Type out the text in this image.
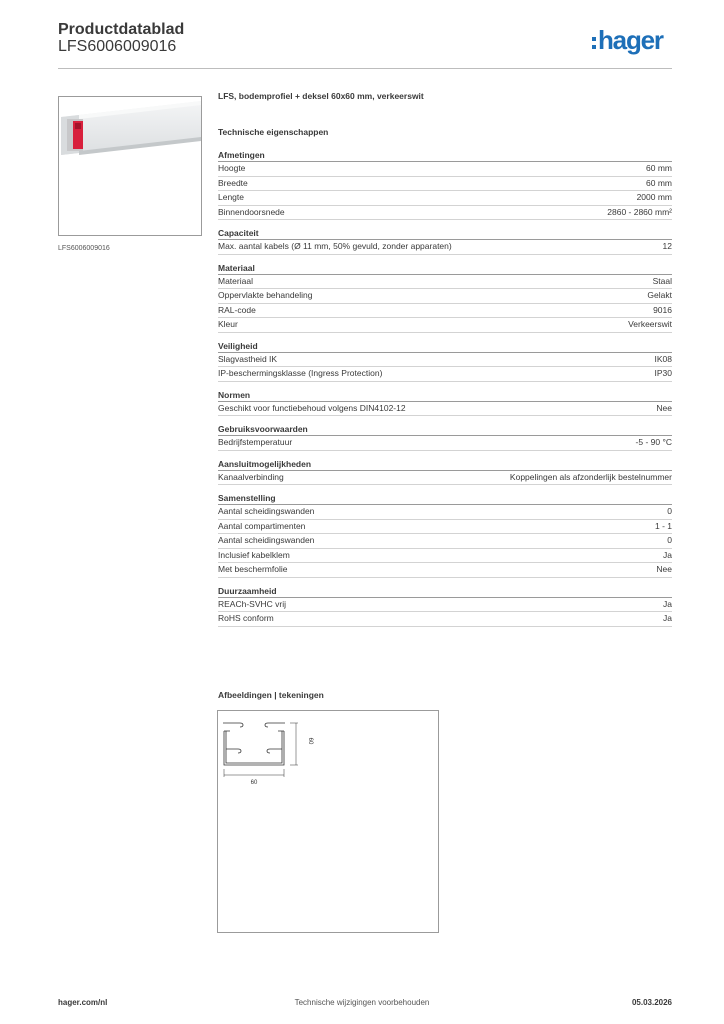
Productdatablad
LFS6006009016	hager
LFS6006009016
LFS, bodemprofiel + deksel 60x60 mm, verkeerswit
Technische eigenschappen
Afmetingen
Hoogte	60 mm
Breedte	60 mm
Lengte	2000 mm
Binnendoorsnede	2860 - 2860 mm²
Capaciteit
Max. aantal kabels (Ø 11 mm, 50% gevuld, zonder apparaten)	12
Materiaal
Materiaal	Staal
Oppervlakte behandeling	Gelakt
RAL-code	9016
Kleur	Verkeerswit
Veiligheid
Slagvastheid IK	IK08
IP-beschermingsklasse (Ingress Protection)	IP30
Normen
Geschikt voor functiebehoud volgens DIN4102-12	Nee
Gebruiksvoorwaarden
Bedrijfstemperatuur	-5 - 90 °C
Aansluitmogelijkheden
Kanaalverbinding	Koppelingen als afzonderlijk bestelnummer
Samenstelling
Aantal scheidingswanden	0
Aantal compartimenten	1 - 1
Aantal scheidingswanden	0
Inclusief kabelklem	Ja
Met beschermfolie	Nee
Duurzaamheid
REACh-SVHC vrij	Ja
RoHS conform	Ja
Afbeeldingen | tekeningen
60
60
hager.com/nl	Technische wijzigingen voorbehouden	05.03.2026
